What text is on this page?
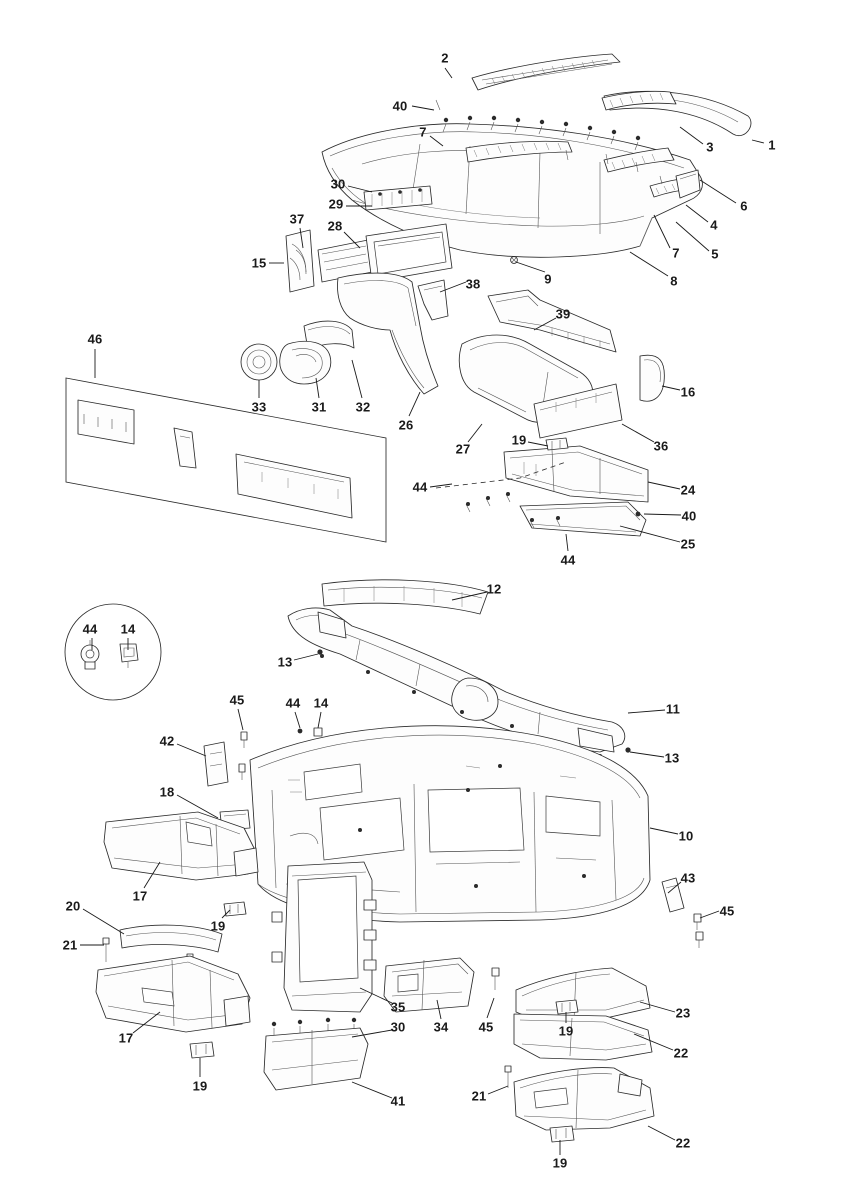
2
40
1
3
7
6
30
29
4
5
7
37 28
15
38	9	8
39
46
16
33	31 32
26
36
27
19
44	24
40
25
44
12
44 14
13
11
45	44 14
13
42
18
10
17
43
45
20
19
21
35
34 45
23
17
22
19
19
30
41	21
22
19
